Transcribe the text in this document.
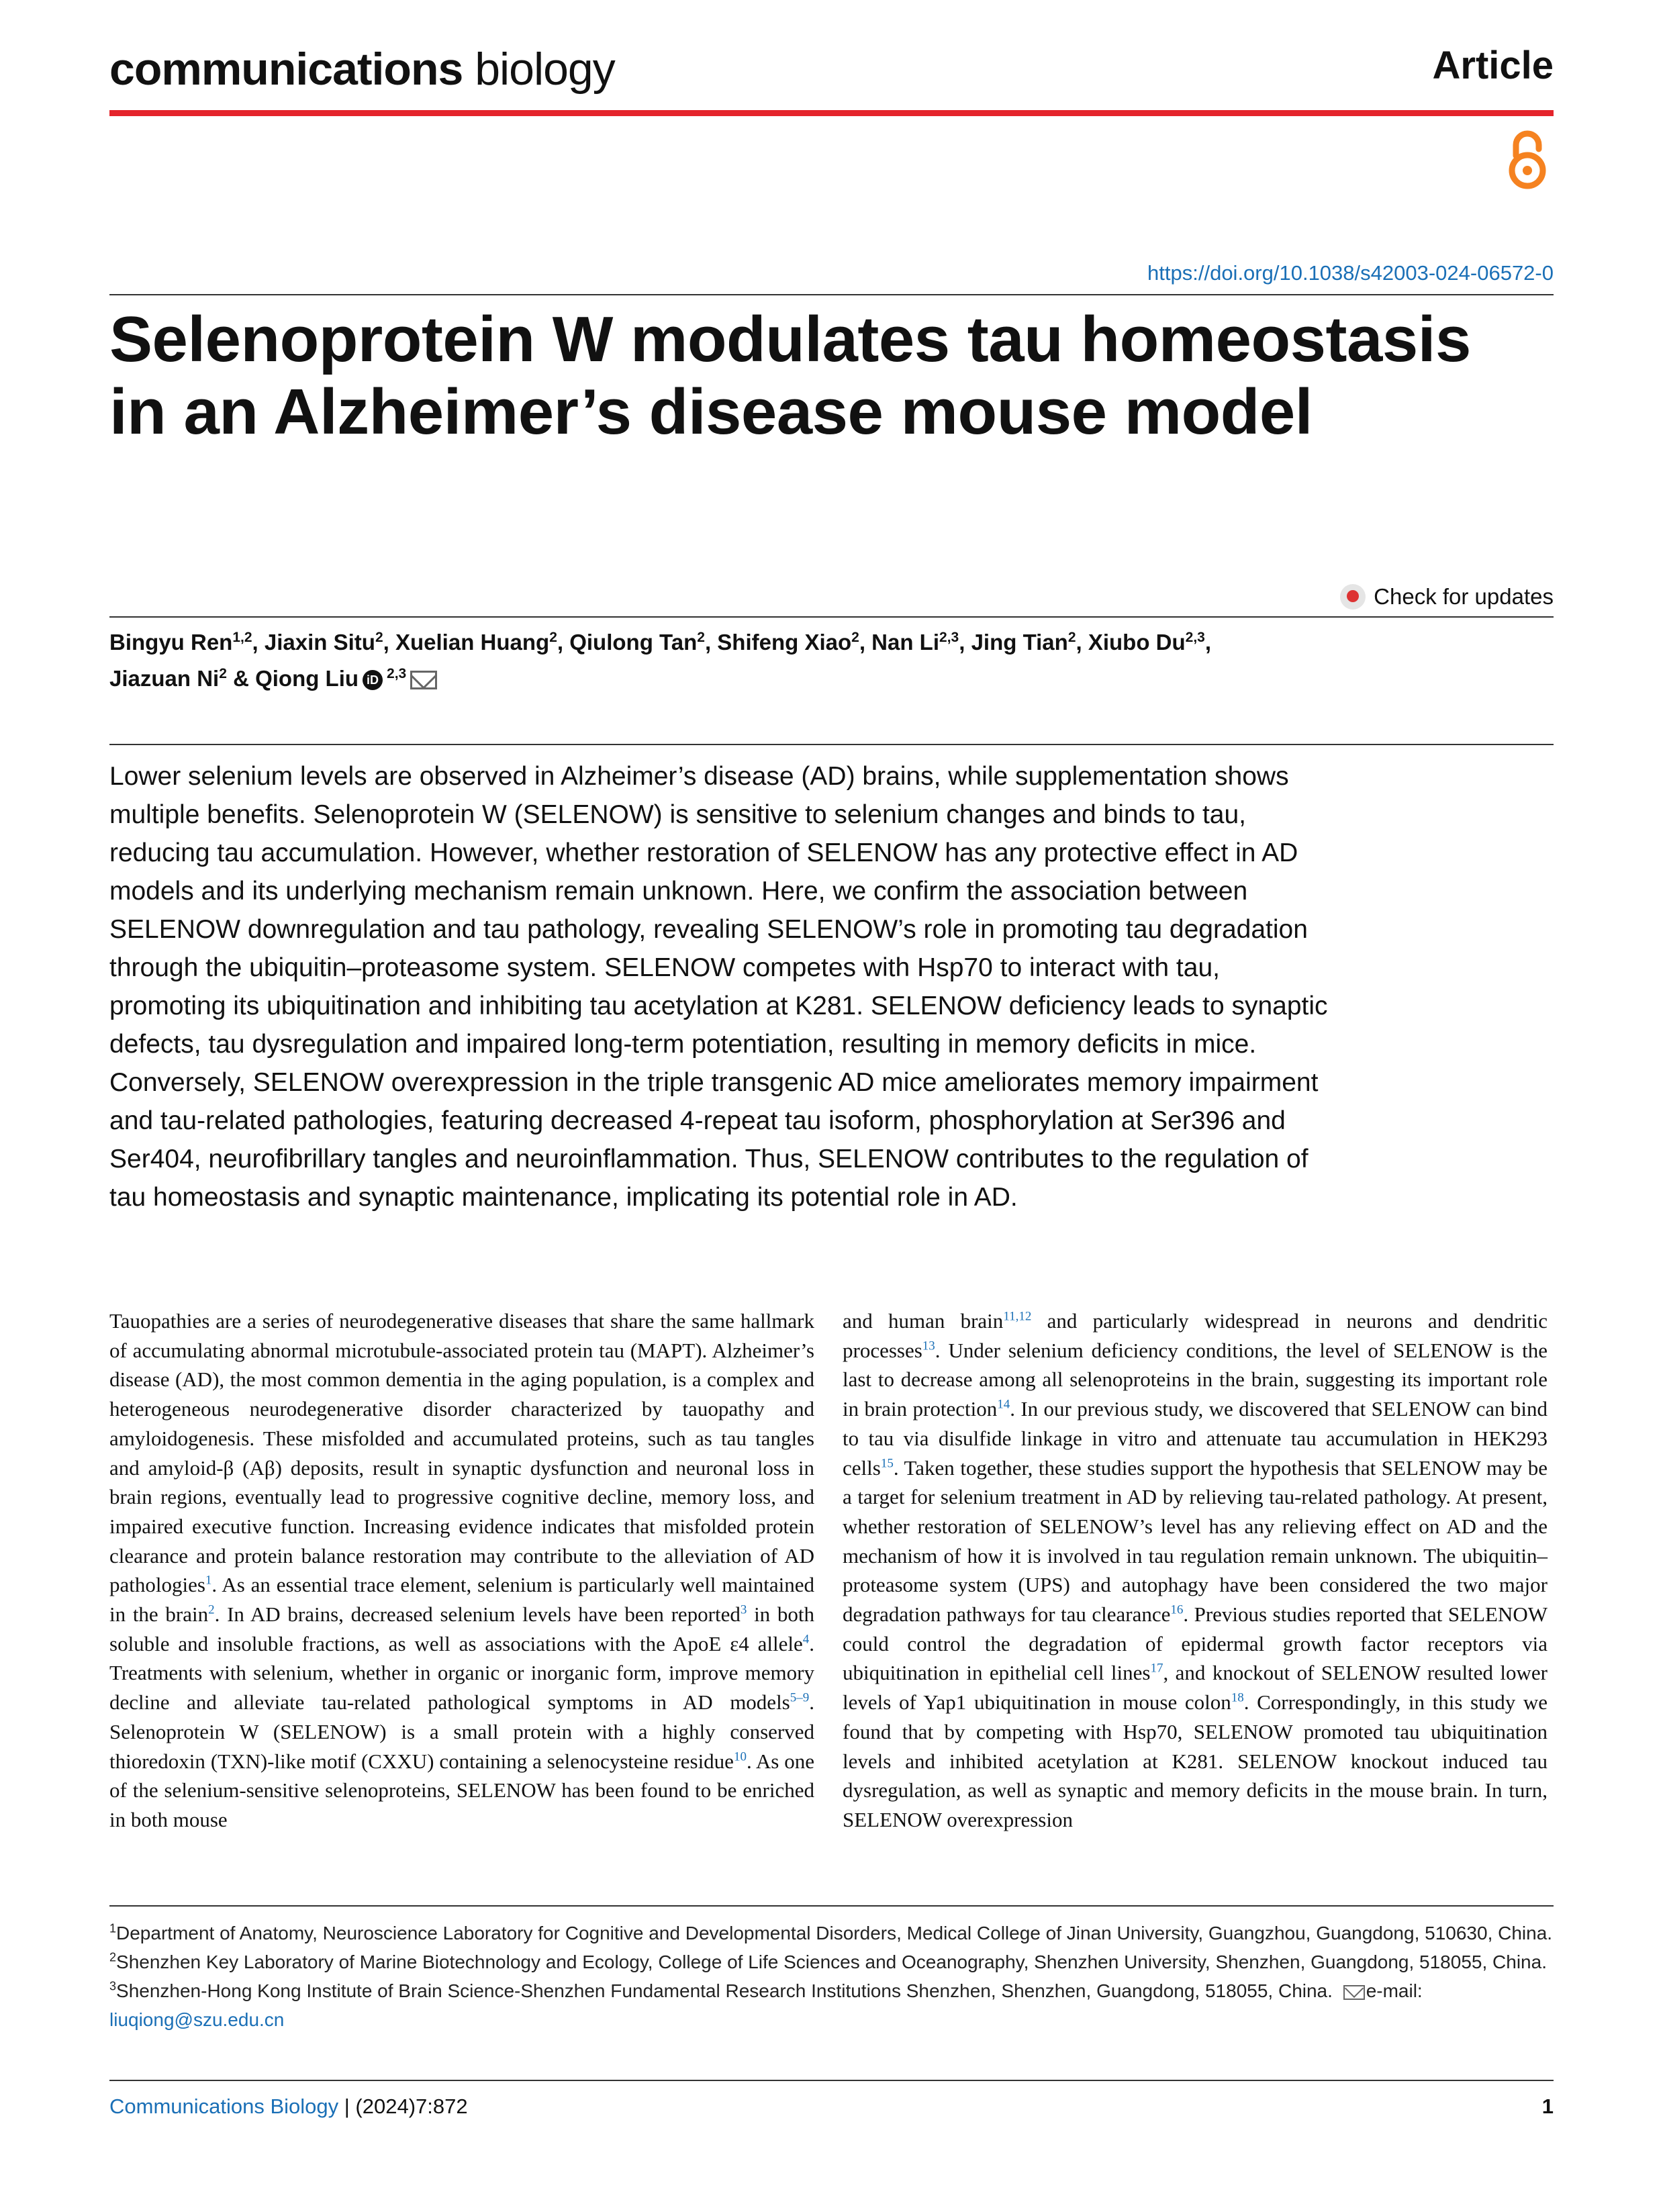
communications biology	Article
https://doi.org/10.1038/s42003-024-06572-0
Selenoprotein W modulates tau homeostasis in an Alzheimer’s disease mouse model
Check for updates
Bingyu Ren$^{1,2}$, Jiaxin Situ$^2$, Xuelian Huang$^2$, Qiulong Tan$^2$, Shifeng Xiao$^2$, Nan Li$^{2,3}$, Jing Tian$^2$, Xiubo Du$^{2,3}$,
Jiazuan Ni$^2$ & Qiong Liu iD $^{2,3}$

Lower selenium levels are observed in Alzheimer’s disease (AD) brains, while supplementation shows multiple benefits. Selenoprotein W (SELENOW) is sensitive to selenium changes and binds to tau, reducing tau accumulation. However, whether restoration of SELENOW has any protective effect in AD models and its underlying mechanism remain unknown. Here, we confirm the association between SELENOW downregulation and tau pathology, revealing SELENOW’s role in promoting tau degradation through the ubiquitin–proteasome system. SELENOW competes with Hsp70 to interact with tau, promoting its ubiquitination and inhibiting tau acetylation at K281. SELENOW deficiency leads to synaptic defects, tau dysregulation and impaired long-term potentiation, resulting in memory deficits in mice. Conversely, SELENOW overexpression in the triple transgenic AD mice ameliorates memory impairment and tau-related pathologies, featuring decreased 4-repeat tau isoform, phosphorylation at Ser396 and Ser404, neurofibrillary tangles and neuroinflammation. Thus, SELENOW contributes to the regulation of tau homeostasis and synaptic maintenance, implicating its potential role in AD.

Tauopathies are a series of neurodegenerative diseases that share the same hallmark of accumulating abnormal microtubule-associated protein tau (MAPT). Alzheimer’s disease (AD), the most common dementia in the aging population, is a complex and heterogeneous neurodegenerative disorder characterized by tauopathy and amyloidogenesis. These misfolded and accumulated proteins, such as tau tangles and amyloid-β (Aβ) deposits, result in synaptic dysfunction and neuronal loss in brain regions, eventually lead to progressive cognitive decline, memory loss, and impaired executive function. Increasing evidence indicates that misfolded protein clearance and protein balance restoration may contribute to the alleviation of AD pathologies$^1$. As an essential trace element, selenium is particularly well maintained in the brain$^2$. In AD brains, decreased selenium levels have been reported$^3$ in both soluble and insoluble fractions, as well as associations with the ApoE ε4 allele$^4$. Treatments with selenium, whether in organic or inorganic form, improve memory decline and alleviate tau-related pathological symptoms in AD models$^{5-9}$. Selenoprotein W (SELENOW) is a small protein with a highly conserved thioredoxin (TXN)-like motif (CXXU) containing a selenocysteine residue$^{10}$. As one of the selenium-sensitive selenoproteins, SELENOW has been found to be enriched in both mouse

and human brain$^{11,12}$ and particularly widespread in neurons and dendritic processes$^{13}$. Under selenium deficiency conditions, the level of SELENOW is the last to decrease among all selenoproteins in the brain, suggesting its important role in brain protection$^{14}$. In our previous study, we discovered that SELENOW can bind to tau via disulfide linkage in vitro and attenuate tau accumulation in HEK293 cells$^{15}$. Taken together, these studies support the hypothesis that SELENOW may be a target for selenium treatment in AD by relieving tau-related pathology. At present, whether restoration of SELENOW’s level has any relieving effect on AD and the mechanism of how it is involved in tau regulation remain unknown. The ubiquitin–proteasome system (UPS) and autophagy have been considered the two major degradation pathways for tau clearance$^{16}$. Previous studies reported that SELENOW could control the degradation of epidermal growth factor receptors via ubiquitination in epithelial cell lines$^{17}$, and knockout of SELENOW resulted lower levels of Yap1 ubiquitination in mouse colon$^{18}$. Correspondingly, in this study we found that by competing with Hsp70, SELENOW promoted tau ubiquitination levels and inhibited acetylation at K281. SELENOW knockout induced tau dysregulation, as well as synaptic and memory deficits in the mouse brain. In turn, SELENOW overexpression

$^1$Department of Anatomy, Neuroscience Laboratory for Cognitive and Developmental Disorders, Medical College of Jinan University, Guangzhou, Guangdong, 510630, China. $^2$Shenzhen Key Laboratory of Marine Biotechnology and Ecology, College of Life Sciences and Oceanography, Shenzhen University, Shenzhen, Guangdong, 518055, China. $^3$Shenzhen-Hong Kong Institute of Brain Science-Shenzhen Fundamental Research Institutions Shenzhen, Shenzhen, Guangdong, 518055, China. e-mail: liuqiong@szu.edu.cn

Communications Biology | (2024)7:872	1
